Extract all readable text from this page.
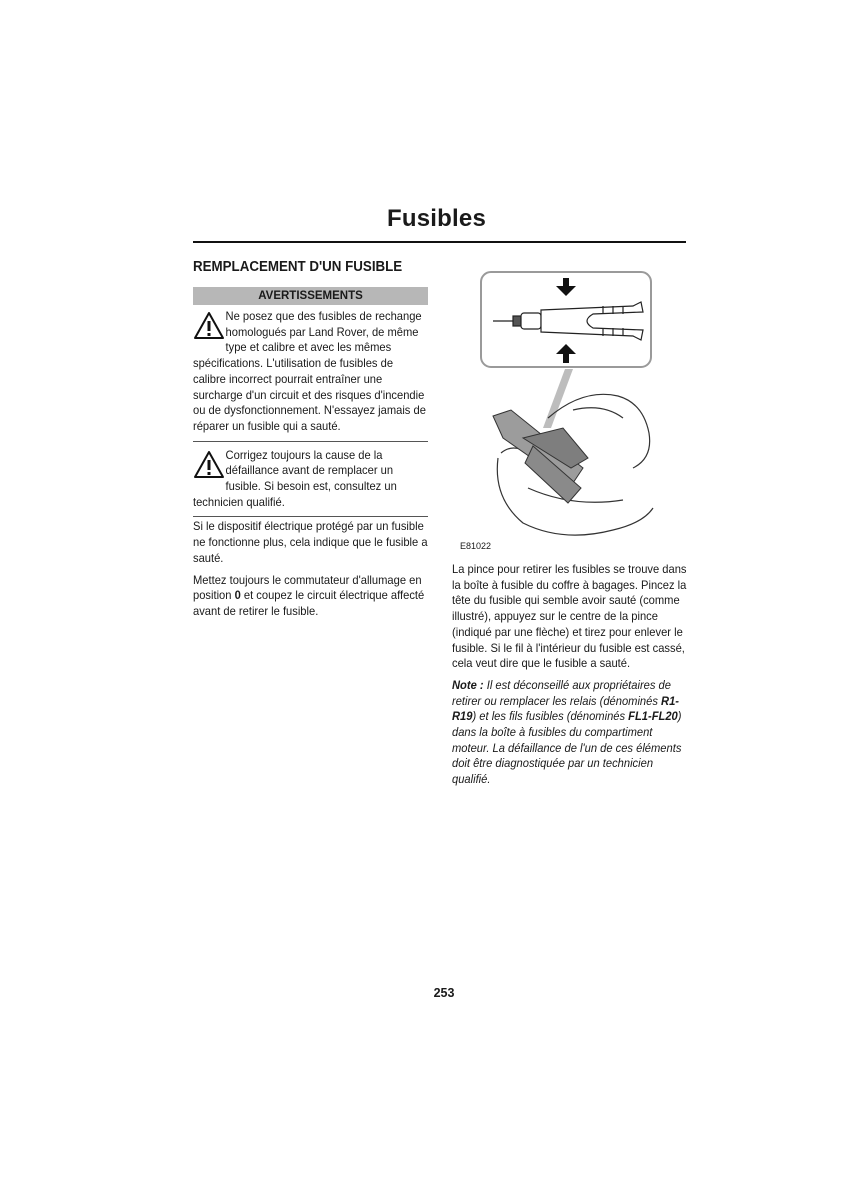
Fusibles
REMPLACEMENT D'UN FUSIBLE
AVERTISSEMENTS
Ne posez que des fusibles de rechange homologués par Land Rover, de même type et calibre et avec les mêmes spécifications. L'utilisation de fusibles de calibre incorrect pourrait entraîner une surcharge d'un circuit et des risques d'incendie ou de dysfonctionnement. N'essayez jamais de réparer un fusible qui a sauté.
Corrigez toujours la cause de la défaillance avant de remplacer un fusible. Si besoin est, consultez un technicien qualifié.

Si le dispositif électrique protégé par un fusible ne fonctionne plus, cela indique que le fusible a sauté.

Mettez toujours le commutateur d'allumage en position 0 et coupez le circuit électrique affecté avant de retirer le fusible.

E81022

La pince pour retirer les fusibles se trouve dans la boîte à fusible du coffre à bagages. Pincez la tête du fusible qui semble avoir sauté (comme illustré), appuyez sur le centre de la pince (indiqué par une flèche) et tirez pour enlever le fusible. Si le fil à l'intérieur du fusible est cassé, cela veut dire que le fusible a sauté.

Note : Il est déconseillé aux propriétaires de retirer ou remplacer les relais (dénominés R1-R19) et les fils fusibles (dénominés FL1-FL20) dans la boîte à fusibles du compartiment moteur. La défaillance de l'un de ces éléments doit être diagnostiquée par un technicien qualifié.

253
